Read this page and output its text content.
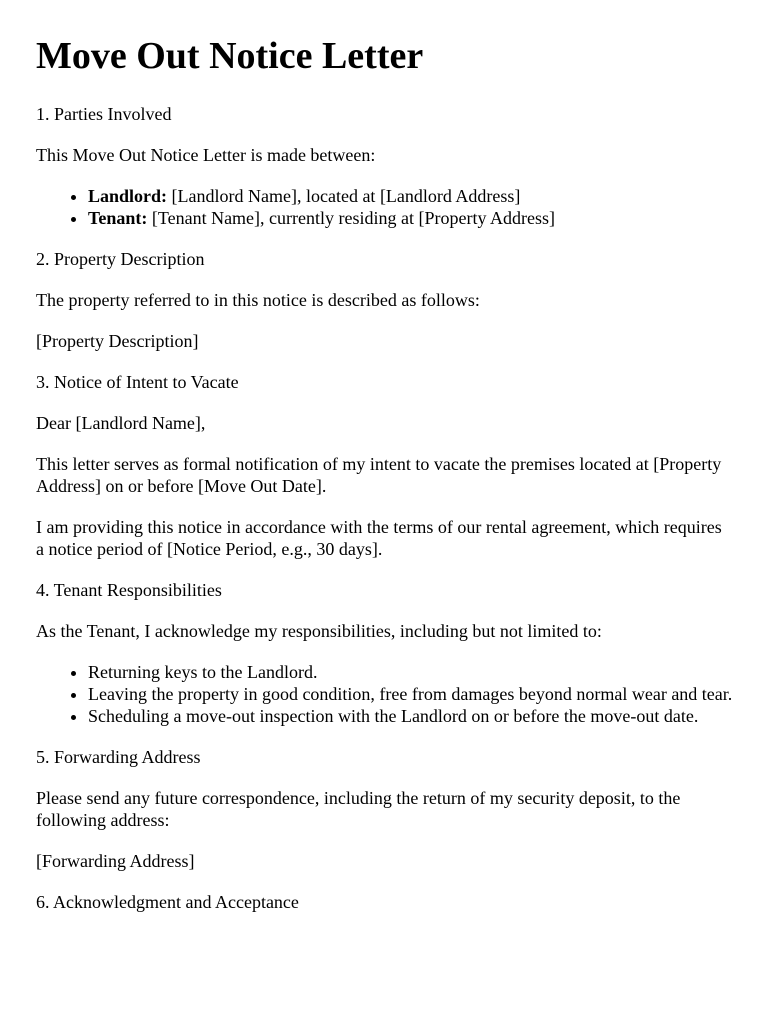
Move Out Notice Letter

1. Parties Involved

This Move Out Notice Letter is made between:

• Landlord: [Landlord Name], located at [Landlord Address]
• Tenant: [Tenant Name], currently residing at [Property Address]

2. Property Description

The property referred to in this notice is described as follows:

[Property Description]

3. Notice of Intent to Vacate

Dear [Landlord Name],

This letter serves as formal notification of my intent to vacate the premises located at [Property Address] on or before [Move Out Date].

I am providing this notice in accordance with the terms of our rental agreement, which requires a notice period of [Notice Period, e.g., 30 days].

4. Tenant Responsibilities

As the Tenant, I acknowledge my responsibilities, including but not limited to:

• Returning keys to the Landlord.
• Leaving the property in good condition, free from damages beyond normal wear and tear.
• Scheduling a move-out inspection with the Landlord on or before the move-out date.

5. Forwarding Address

Please send any future correspondence, including the return of my security deposit, to the following address:

[Forwarding Address]

6. Acknowledgment and Acceptance
